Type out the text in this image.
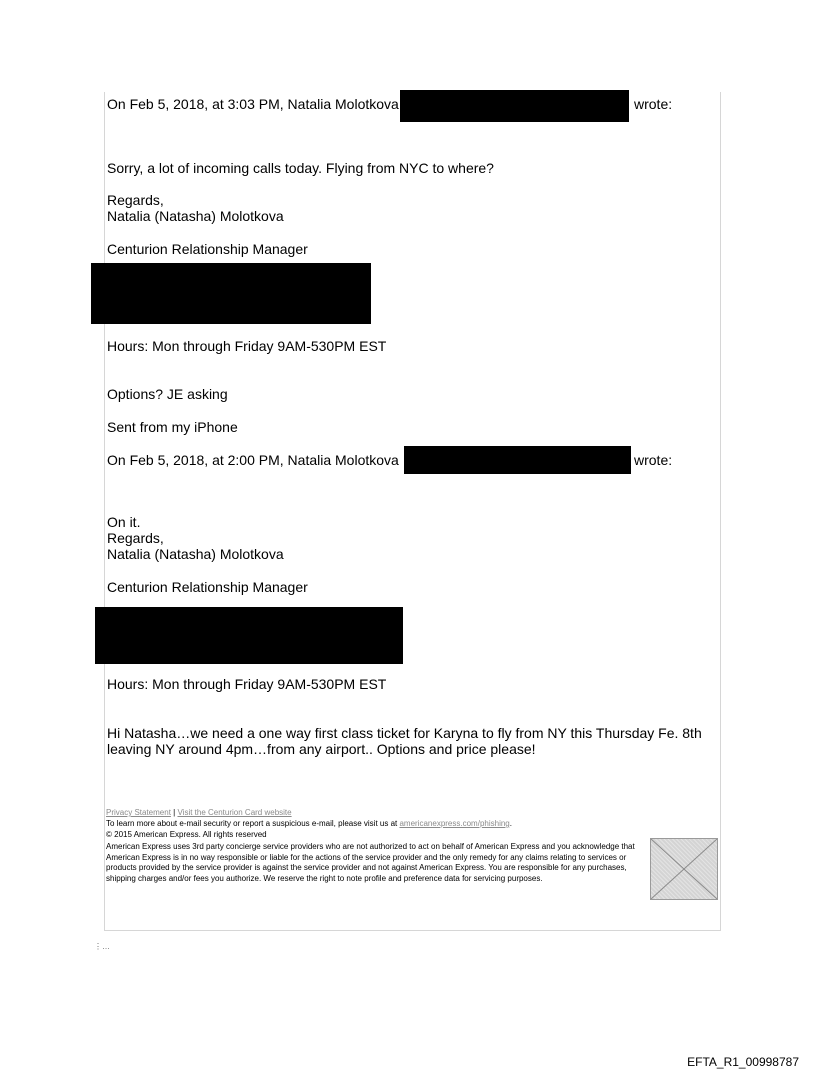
On Feb 5, 2018, at 3:03 PM, Natalia Molotkova	wrote:
Sorry, a lot of incoming calls today. Flying from NYC to where?
Regards,
Natalia (Natasha) Molotkova
Centurion Relationship Manager
Hours: Mon through Friday 9AM-530PM EST
Options? JE asking
Sent from my iPhone
On Feb 5, 2018, at 2:00 PM, Natalia Molotkova	wrote:
On it.
Regards,
Natalia (Natasha) Molotkova
Centurion Relationship Manager
Hours: Mon through Friday 9AM-530PM EST
Hi Natasha…we need a one way first class ticket for Karyna to fly from NY this Thursday Fe. 8th
leaving NY around 4pm…from any airport.. Options and price please!
Privacy Statement | Visit the Centurion Card website
To learn more about e-mail security or report a suspicious e-mail, please visit us at americanexpress.com/phishing.
© 2015 American Express. All rights reserved
American Express uses 3rd party concierge service providers who are not authorized to act on behalf of American Express and you acknowledge that American Express is in no way responsible or liable for the actions of the service provider and the only remedy for any claims relating to services or products provided by the service provider is against the service provider and not against American Express. You are responsible for any purchases, shipping charges and/or fees you authorize. We reserve the right to note profile and preference data for servicing purposes.
⋮…
EFTA_R1_00998787
